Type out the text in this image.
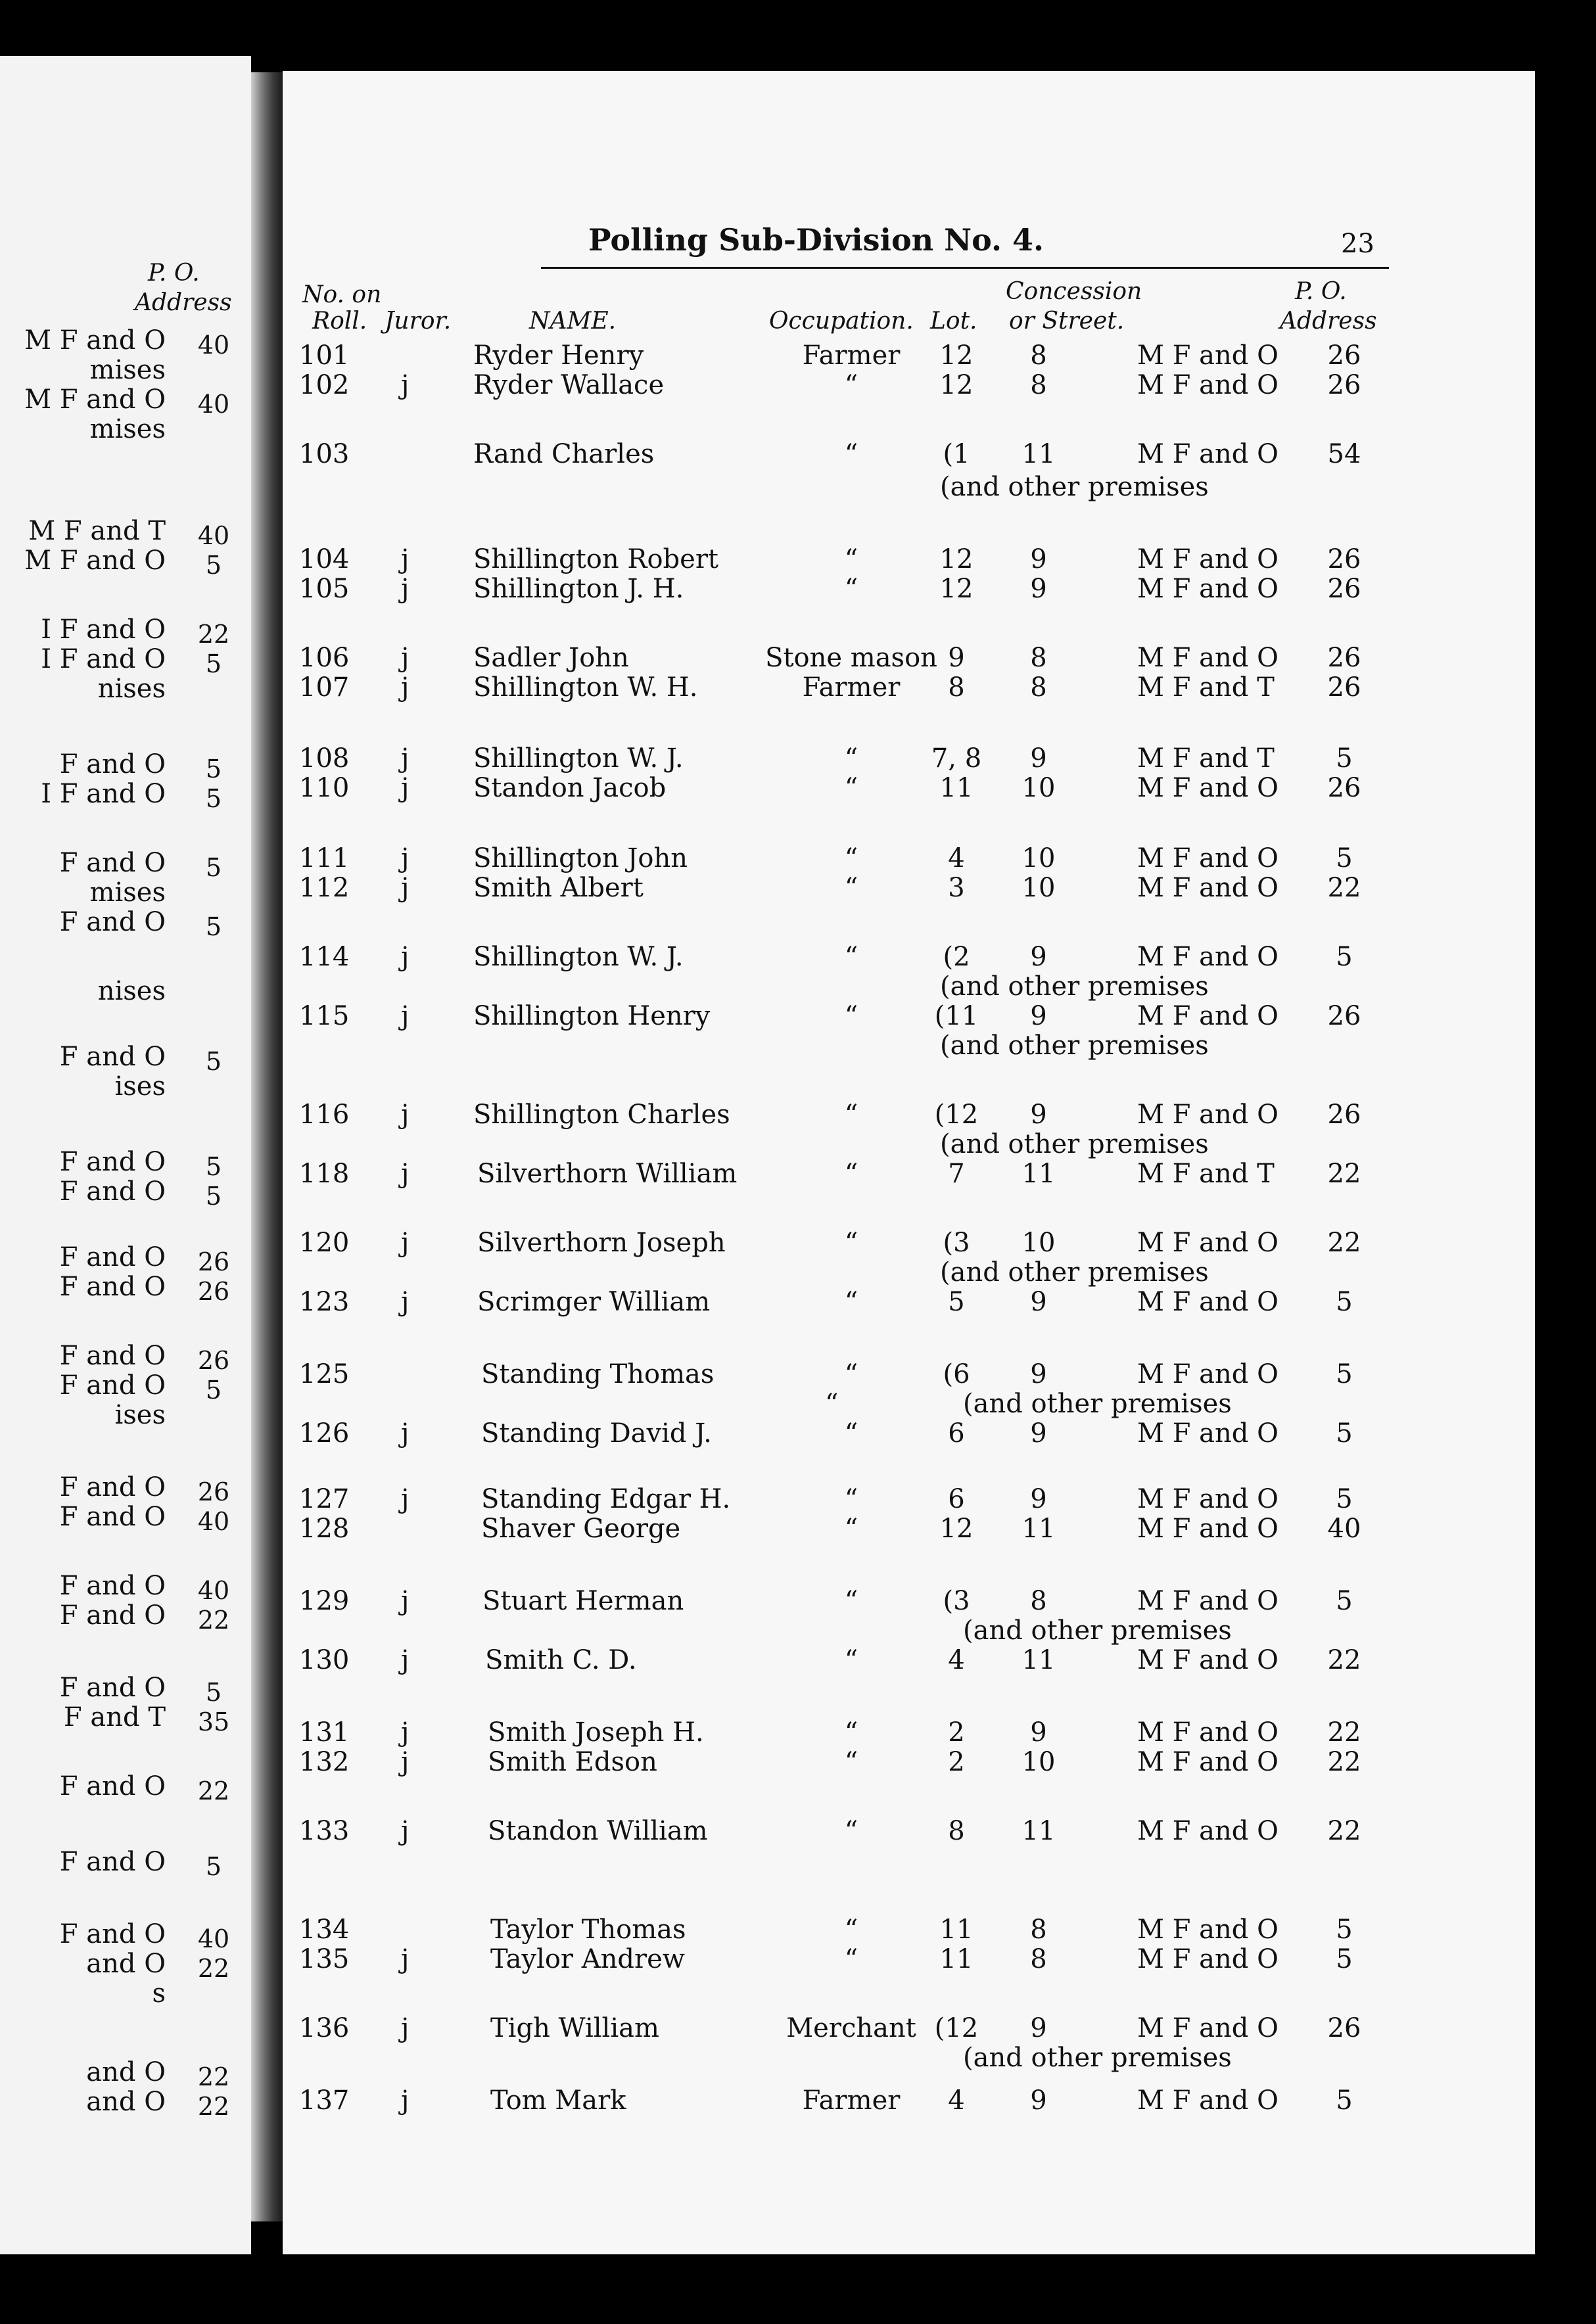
P. O.
Address
M F and O 40
mises
M F and O 40
mises
M F and T 40
M F and O	5
I F and O 22
I F and O	5
nises
F and O	5
I F and O	5
F and O	5
mises
F and O	5
nises
F and O	5
ises
F and O	5
F and O	5
F and O 26
F and O 26
F and O 26
F and O	5
ises
F and O 26
F and O 40
F and O 40
F and O 22
F and O	5
F and T 35
F and O 22
F and O	5
F and O 40
and O 22
s
and O 22
and O 22
Polling Sub-Division No. 4.	23
No. on
Roll. Juror.	NAME.	Occupation. Lot.
Concession
or Street.
P. O.
Address
101	Ryder Henry	Farmer	12	8	M F and O 26
102 j Ryder Wallace	“	12	8	M F and O 26
103	Rand Charles	“	(1	11	M F and O 54
(and other premises
104 j Shillington Robert	“	12	9	M F and O 26
105 j Shillington J. H.	“	12	9	M F and O 26
106 j Sadler John	Stone mason 9	8	M F and O 26
107 j Shillington W. H.	Farmer	8	8	M F and T 26
108 j Shillington W. J.	“	7, 8	9	M F and T	5
110 j Standon Jacob	“	11	10	M F and O 26
111 j Shillington John	“	4	10	M F and O	5
112 j Smith Albert	“	3	10	M F and O 22
114 j Shillington W. J.	“	(2	9	M F and O	5
(and other premises
115 j Shillington Henry	“	(11	9	M F and O 26
(and other premises
116 j Shillington Charles	“	(12	9	M F and O 26
(and other premises
118 j	Silverthorn William	“	7	11	M F and T 22
120 j	Silverthorn Joseph	“	(3	10	M F and O 22
(and other premises
123 j	Scrimger William	“	5	9	M F and O	5
125	Standing Thomas	“	(6	9	M F and O	5
(and other premises
126 j	Standing David J.	“	6	9	M F and O	5
127 j	Standing Edgar H.	“	6	9	M F and O	5
128	Shaver George	“	12	11	M F and O 40
129 j	Stuart Herman	“	(3	8	M F and O	5
(and other premises
130 j	Smith C. D.	“	4	11	M F and O 22
131 j	Smith Joseph H.	“	2	9	M F and O 22
132 j	Smith Edson	“	2	10	M F and O 22
133 j	Standon William	“	8	11	M F and O 22
134	Taylor Thomas	“	11	8	M F and O	5
135 j	Taylor Andrew	“	11	8	M F and O	5
136 j	Tigh William	Merchant (12	9	M F and O 26
(and other premises
137 j	Tom Mark	Farmer	4	9	M F and O	5
“
